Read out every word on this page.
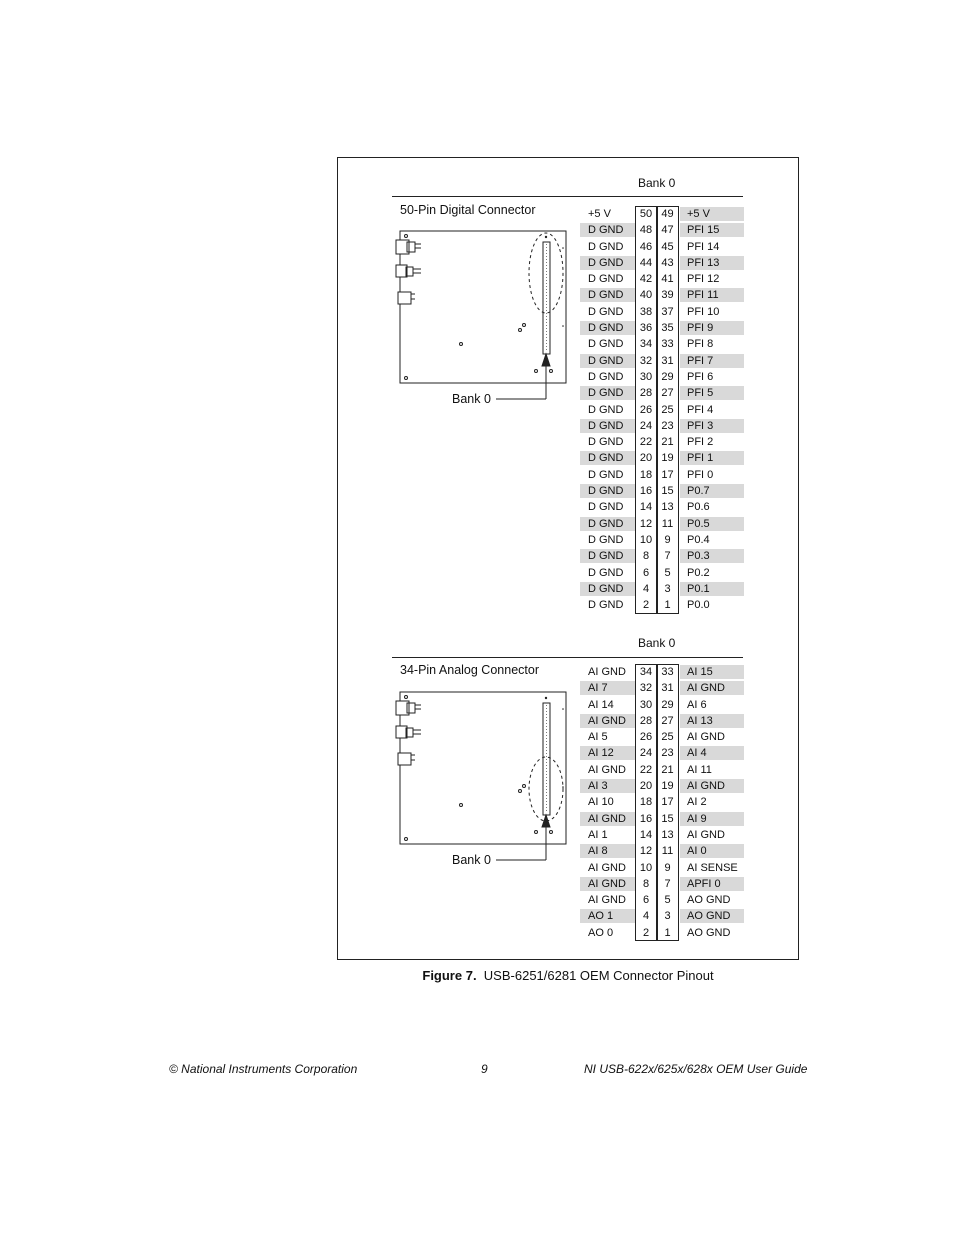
Bank 0
50-Pin Digital Connector
Bank 0
+5 V	50 49	+5 V
D GND	48 47	PFI 15
D GND	46 45	PFI 14
D GND	44 43	PFI 13
D GND	42 41	PFI 12
D GND	40 39	PFI 11
D GND	38 37	PFI 10
D GND	36 35	PFI 9
D GND	34 33	PFI 8
D GND	32 31	PFI 7
D GND	30 29	PFI 6
D GND	28 27	PFI 5
D GND	26 25	PFI 4
D GND	24 23	PFI 3
D GND	22 21	PFI 2
D GND	20 19	PFI 1
D GND	18 17	PFI 0
D GND	16 15	P0.7
D GND	14 13	P0.6
D GND	12 11	P0.5
D GND	10	9	P0.4
D GND	8	7	P0.3
D GND	6	5	P0.2
D GND	4	3	P0.1
D GND	2	1	P0.0
Bank 0
34-Pin Analog Connector
Bank 0
AI GND	34 33	AI 15
AI 7	32 31	AI GND
AI 14	30 29	AI 6
AI GND	28 27	AI 13
AI 5	26 25	AI GND
AI 12	24 23	AI 4
AI GND	22 21	AI 11
AI 3	20 19	AI GND
AI 10	18 17	AI 2
AI GND	16 15	AI 9
AI 1	14 13	AI GND
AI 8	12 11	AI 0
AI GND	10	9	AI SENSE
AI GND	8	7	APFI 0
AI GND	6	5	AO GND
AO 1	4	3	AO GND
AO 0	2	1	AO GND
Figure 7. USB-6251/6281 OEM Connector Pinout
© National Instruments Corporation	9	NI USB-622x/625x/628x OEM User Guide
